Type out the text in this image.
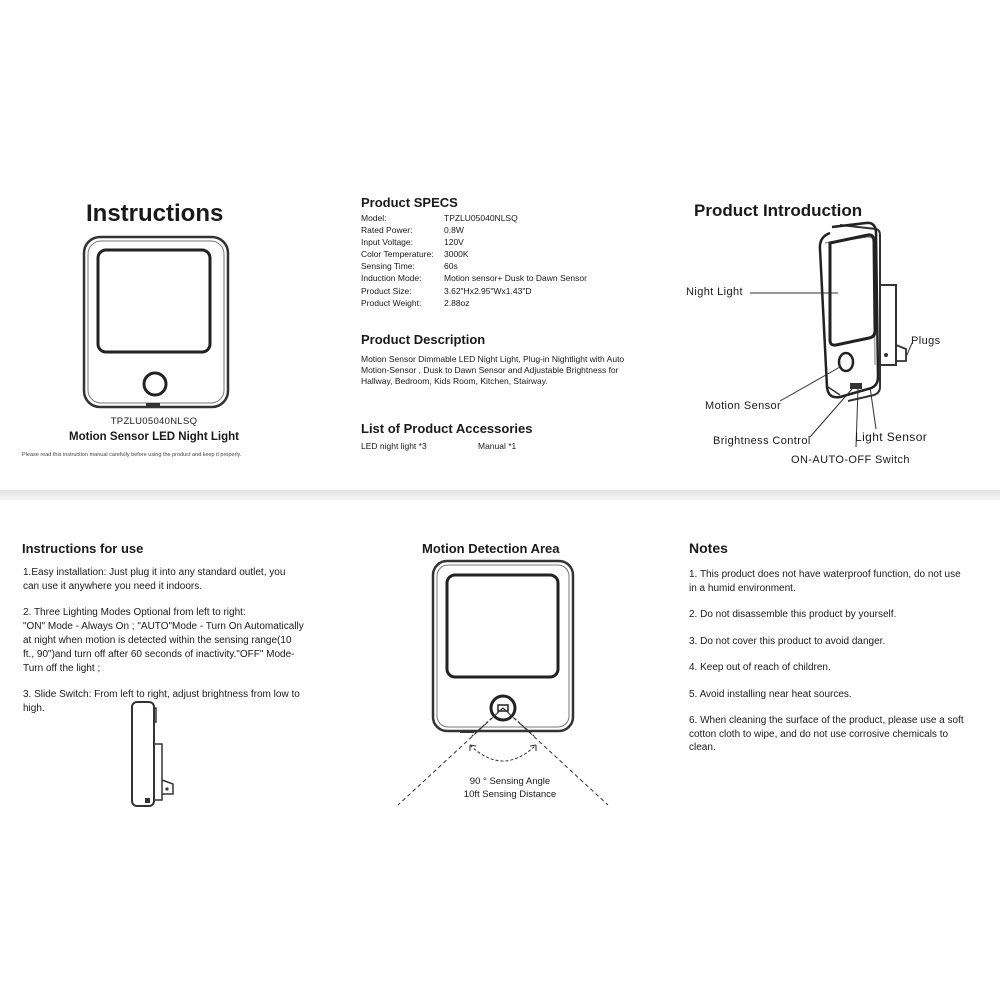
Instructions
TPZLU05040NLSQ
Motion Sensor LED Night Light
Please read this instruction manual carefully before using the product and keep it properly.
Product SPECS
Model:	TPZLU05040NLSQ
Rated Power:	0.8W
Input Voltage:	120V
Color Temperature: 3000K
Sensing Time:	60s
Induction Mode:	Motion sensor+ Dusk to Dawn Sensor
Product Size:	3.62"Hx2.95"Wx1.43"D
Product Weight:	2.88oz
Product Description
Motion Sensor Dimmable LED Night Light, Plug-in Nightlight with Auto
Motion-Sensor , Dusk to Dawn Sensor and Adjustable Brightness for
Hallway, Bedroom, Kids Room, Kitchen, Stairway.
List of Product Accessories
LED night light *3	Manual *1
Product Introduction
Night Light
Plugs
Motion Sensor
Light Sensor
Brightness Control
ON-AUTO-OFF Switch
Instructions for use
1.Easy installation: Just plug it into any standard outlet, you
can use it anywhere you need it indoors.
2. Three Lighting Modes Optional from left to right:
"ON" Mode - Always On ; "AUTO"Mode - Turn On Automatically
at night when motion is detected within the sensing range(10
ft., 90")and turn off after 60 seconds of inactivity."OFF" Mode-
Turn off the light ;
3. Slide Switch: From left to right, adjust brightness from low to
high.
Motion Detection Area
90 ° Sensing Angle
10ft Sensing Distance
Notes
1. This product does not have waterproof function, do not use
in a humid environment.
2. Do not disassemble this product by yourself.
3. Do not cover this product to avoid danger.
4. Keep out of reach of children.
5. Avoid installing near heat sources.
6. When cleaning the surface of the product, please use a soft
cotton cloth to wipe, and do not use corrosive chemicals to
clean.
